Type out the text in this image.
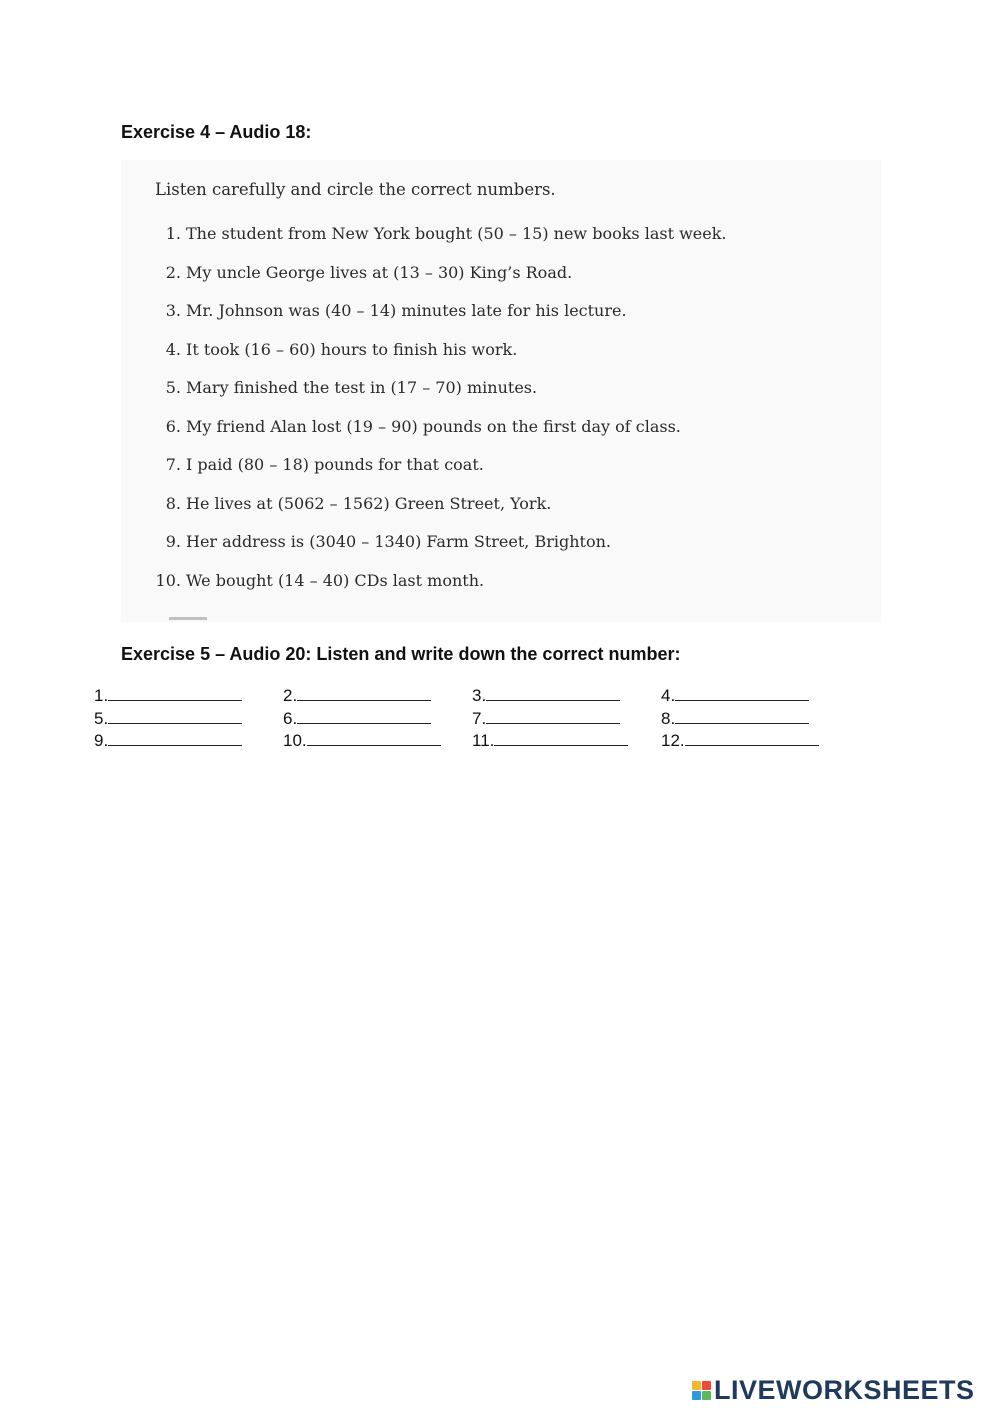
Exercise 4 – Audio 18:
Listen carefully and circle the correct numbers.
1. The student from New York bought (50 – 15) new books last week.
2. My uncle George lives at (13 – 30) King’s Road.
3. Mr. Johnson was (40 – 14) minutes late for his lecture.
4. It took (16 – 60) hours to finish his work.
5. Mary finished the test in (17 – 70) minutes.
6. My friend Alan lost (19 – 90) pounds on the first day of class.
7. I paid (80 – 18) pounds for that coat.
8. He lives at (5062 – 1562) Green Street, York.
9. Her address is (3040 – 1340) Farm Street, Brighton.
10. We bought (14 – 40) CDs last month.
Exercise 5 – Audio 20: Listen and write down the correct number:
1.	2.	3.	4.
5.	6.	7.	8.
9.	10.	11.	12.
LIVEWORKSHEETS
